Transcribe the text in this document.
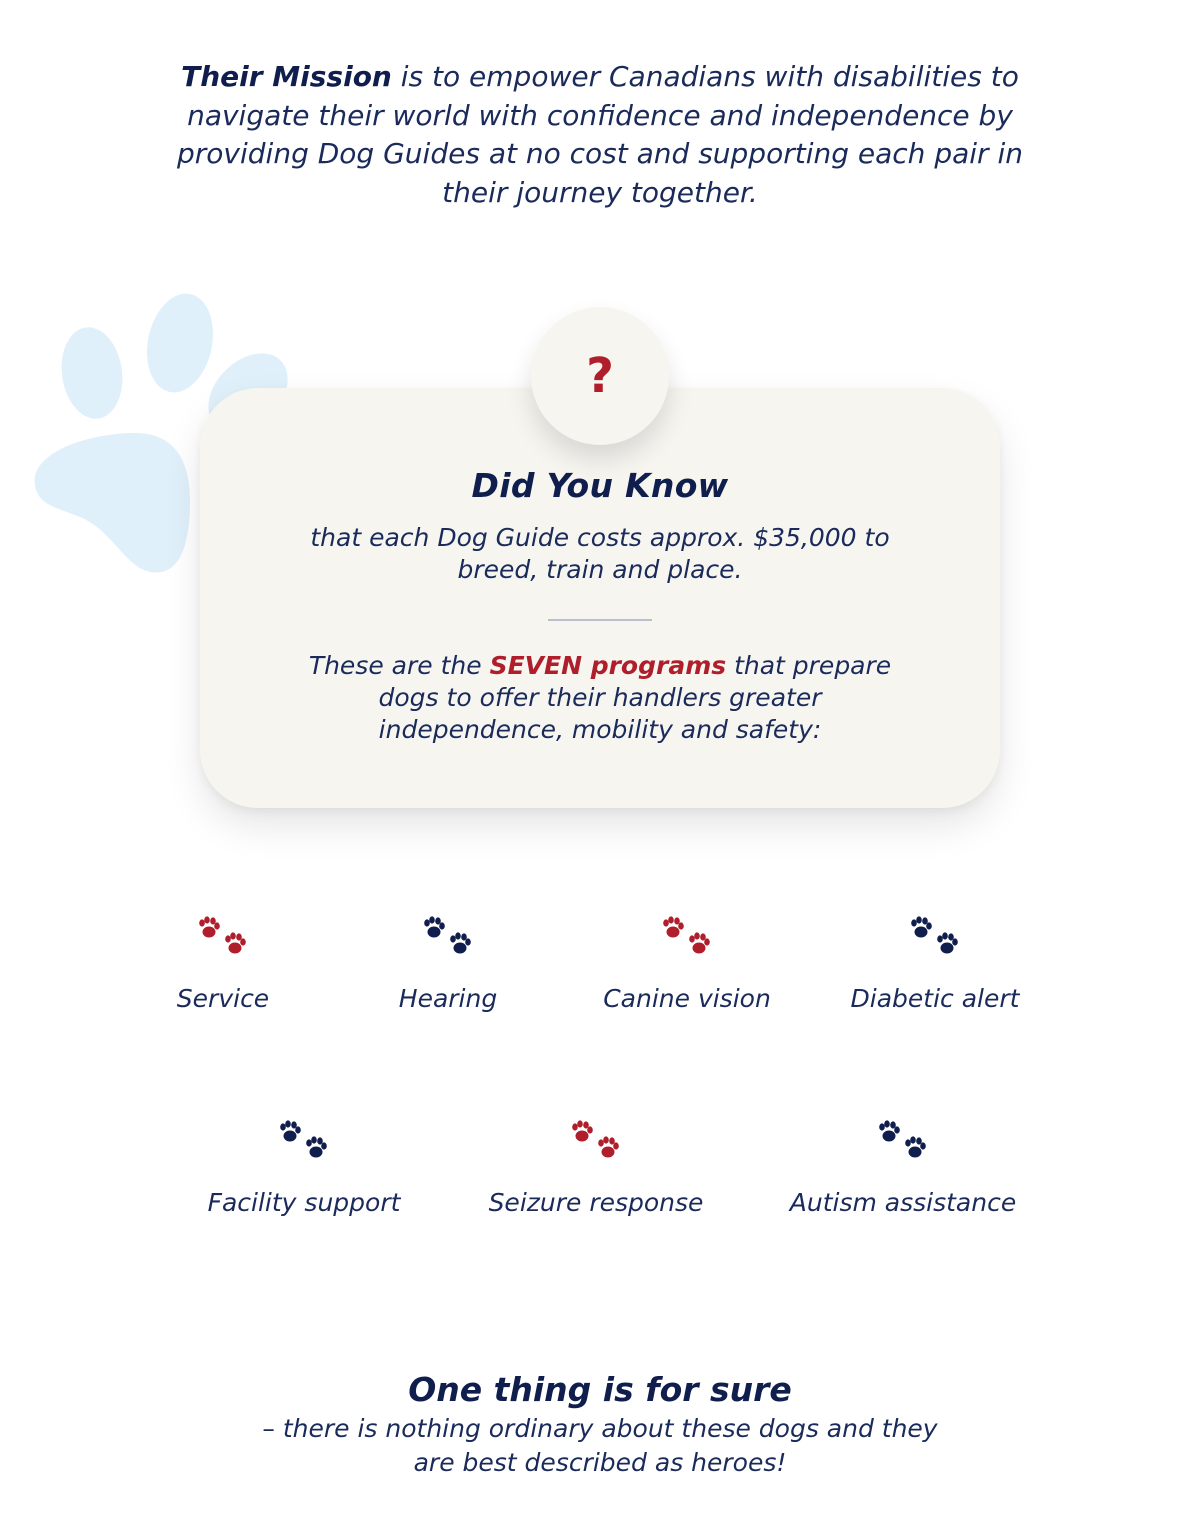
Their Mission is to empower Canadians with disabilities to navigate their world with confidence and independence by providing Dog Guides at no cost and supporting each pair in their journey together.
?
Did You Know
that each Dog Guide costs approx. $35,000 to breed, train and place.
These are the SEVEN programs that prepare dogs to offer their handlers greater independence, mobility and safety:
Service	Hearing	Canine vision	Diabetic alert
Facility support	Seizure response	Autism assistance
One thing is for sure
– there is nothing ordinary about these dogs and they are best described as heroes!
